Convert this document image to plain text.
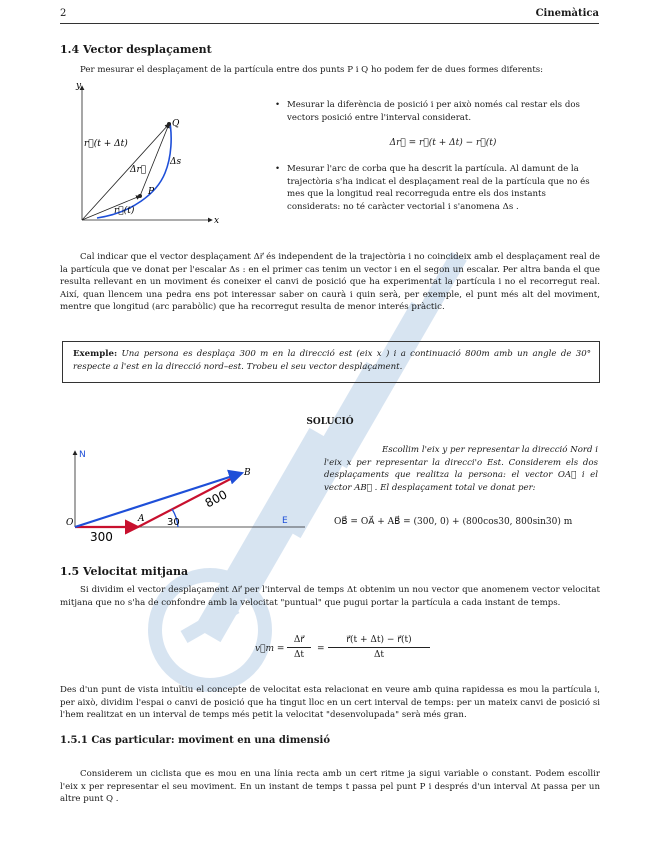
2	Cinemàtica
1.4 Vector desplaçament
Per mesurar el desplaçament de la partícula entre dos punts P i Q ho podem fer de dues formes diferents:
y
x
r⃗(t + Δt)
Δr⃗
Δs
P
Q
r⃗(t)
• Mesurar la diferència de posició i per això només cal restar els dos vectors posició entre l'interval considerat.
Δr⃗ = r⃗(t + Δt) − r⃗(t)
• Mesurar l'arc de corba que ha descrit la partícula. Al damunt de la trajectòria s'ha indicat el desplaçament real de la partícula que no és mes que la longitud real recorreguda entre els dos instants considerats: no té caràcter vectorial i s'anomena Δs .
Cal indicar que el vector desplaçament Δr⃗ és independent de la trajectòria i no coincideix amb el desplaçament real de la partícula que ve donat per l'escalar Δs : en el primer cas tenim un vector i en el segon un escalar. Per altra banda el que resulta rellevant en un moviment és coneixer el canvi de posició que ha experimentat la partícula i no el recorregut real. Així, quan llencem una pedra ens pot interessar saber on caurà i quin serà, per exemple, el punt més alt del moviment, mentre que longitud (arc parabòlic) que ha recorregut resulta de menor interés pràctic.
Exemple: Una persona es desplaça 300 m en la direcció est (eix x ) i a continuació 800m amb un angle de 30° respecte a l'est en la direcció nord–est. Trobeu el seu vector desplaçament.
SOLUCIÓ
N
O	A
B
300
800
30	E
Escollim l'eix y per representar la direcció Nord i l'eix x per representar la direcci'o Est. Considerem els dos desplaçaments que realitza la persona: el vector OA⃗ i el vector AB⃗ . El desplaçament total ve donat per:
OB⃗ = OA⃗ + AB⃗ = (300, 0) + (800cos30, 800sin30) m
1.5 Velocitat mitjana
Si dividim el vector desplaçament Δr⃗ per l'interval de temps Δt obtenim un nou vector que anomenem vector velocitat mitjana que no s'ha de confondre amb la velocitat "puntual" que pugui portar la partícula a cada instant de temps.
v⃗m =
Δr⃗
Δt
=
r⃗(t + Δt) − r⃗(t)
Δt
Des d'un punt de vista intuïtiu el concepte de velocitat esta relacionat en veure amb quina rapidessa es mou la partícula i, per això, dividim l'espai o canvi de posició que ha tingut lloc en un cert interval de temps: per un mateix canvi de posició si l'hem realitzat en un interval de temps més petit la velocitat "desenvolupada" serà més gran.
1.5.1 Cas particular: moviment en una dimensió
Considerem un ciclista que es mou en una línia recta amb un cert ritme ja sigui variable o constant. Podem escollir l'eix x per representar el seu moviment. En un instant de temps t passa pel punt P i després d'un interval Δt passa per un altre punt Q .
